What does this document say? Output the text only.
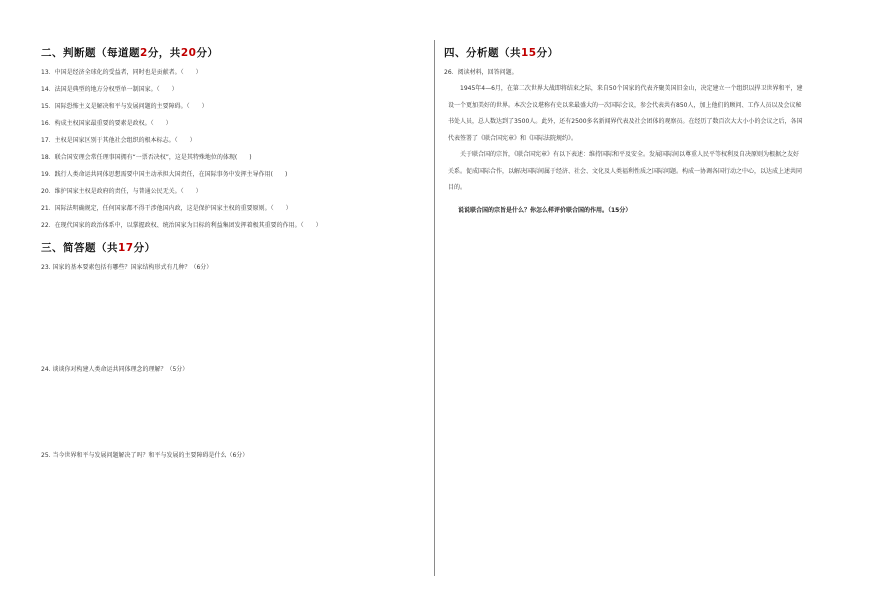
二、判断题（每道题2分，共20分）
13．中国是经济全球化的受益者，同时也是贡献者。（　　）
14．法国是典型的地方分权型单一制国家。（　　）
15．国际恐怖主义是解决和平与发展问题的主要障碍。（　　）
16．构成主权国家最重要的要素是政权。（　　）
17．主权是国家区别于其他社会组织的根本标志。（　　）
18．联合国安理会常任理事国拥有“一票否决权”，这是其特殊地位的体现(　　)
19．践行人类命运共同体思想需要中国主动承担大国责任，在国际事务中发挥主导作用(　　)
20．维护国家主权是政府的责任，与普通公民无关。（　　）
21．国际法明确规定，任何国家都不得干涉他国内政，这是保护国家主权的重要原则。（　　）
22．在现代国家的政治体系中，以掌握政权、统治国家为目标的利益集团发挥着极其重要的作用。（　　）
三、简答题（共17分）
23. 国家的基本要素包括有哪些？国家结构形式有几种？（6分）
24. 谈谈你对构建人类命运共同体理念的理解？（5分）
25. 当今世界和平与发展问题解决了吗？和平与发展的主要障碍是什么（6分）
四、分析题（共15分）
26．阅读材料，回答问题。
1945年4—6月，在第二次世界大战即将结束之际，来自50个国家的代表齐聚美国旧金山，决定建立一个组织以捍卫世界和平，建设一个更加美好的世界。本次会议堪称有史以来最盛大的一次国际会议，参会代表共有850人，加上他们的顾问、工作人员以及会议秘书处人员，总人数达到了3500人。此外，还有2500多名新闻界代表及社会团体的观察员。在经历了数百次大大小小的会议之后，各国代表签署了《联合国宪章》和《国际法院规约》。
关于联合国的宗旨，《联合国宪章》有以下表述：维持国际和平及安全。发展国际间以尊重人民平等权利及自决原则为根据之友好关系。促成国际合作，以解决国际间属于经济、社会、文化及人类福利性质之国际问题。构成一协调各国行动之中心，以达成上述共同目的。
说说联合国的宗旨是什么？你怎么样评价联合国的作用。（15分）
